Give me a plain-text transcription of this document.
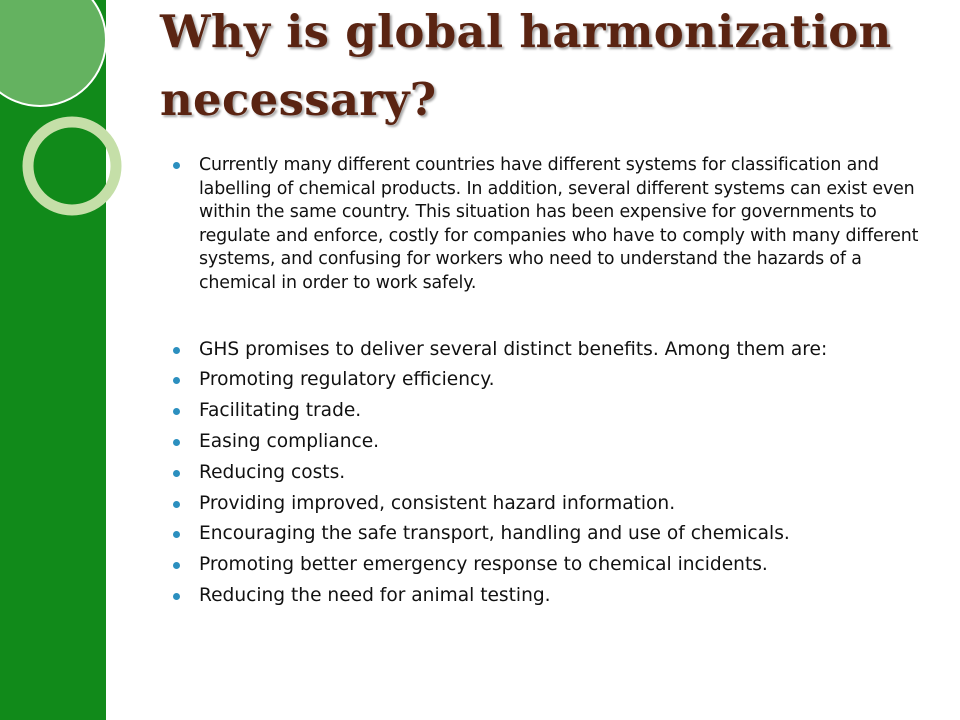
Why is global harmonization necessary?
Currently many different countries have different systems for classification and labelling of chemical products. In addition, several different systems can exist even within the same country. This situation has been expensive for governments to regulate and enforce, costly for companies who have to comply with many different systems, and confusing for workers who need to understand the hazards of a chemical in order to work safely.
GHS promises to deliver several distinct benefits. Among them are:
Promoting regulatory efficiency.
Facilitating trade.
Easing compliance.
Reducing costs.
Providing improved, consistent hazard information.
Encouraging the safe transport, handling and use of chemicals.
Promoting better emergency response to chemical incidents.
Reducing the need for animal testing.
